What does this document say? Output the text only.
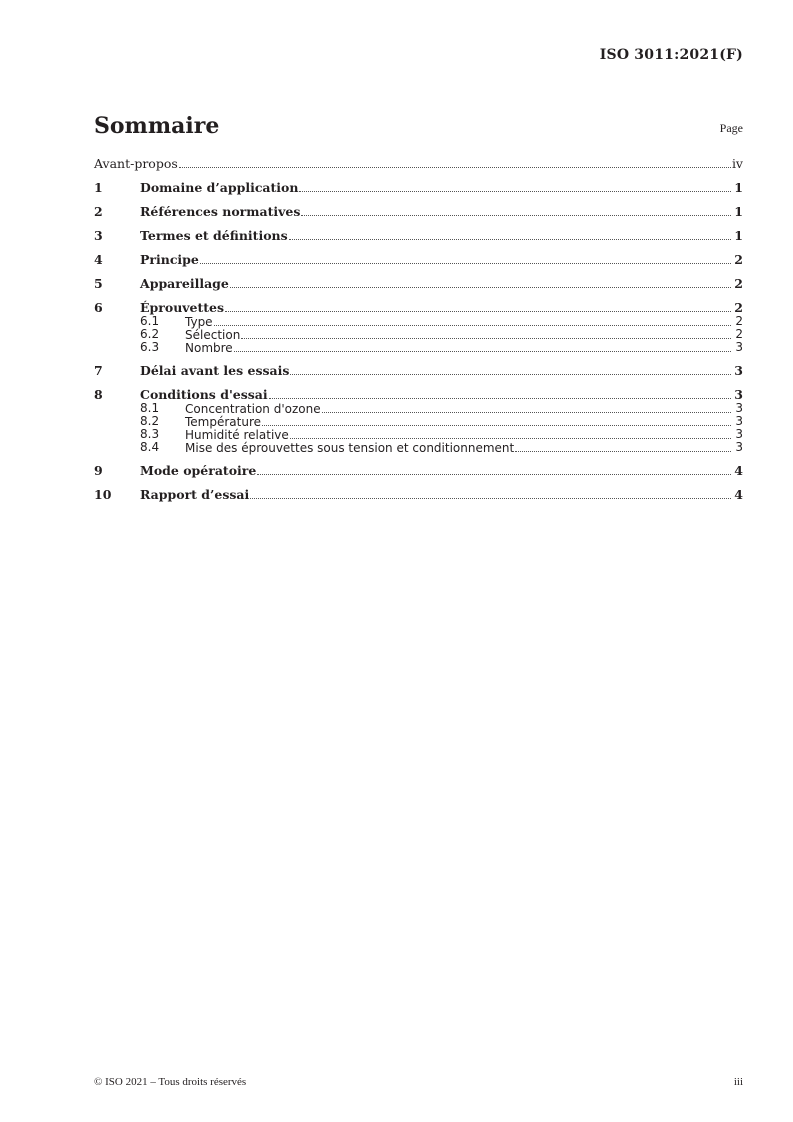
ISO 3011:2021(F)
Sommaire	Page
Avant-propos	iv
1	Domaine d’application	1
2	Références normatives	1
3	Termes et définitions	1
4	Principe	2
5	Appareillage	2
6	Éprouvettes	2
6.1 Type	2
6.2 Sélection	2
6.3 Nombre	3
7	Délai avant les essais	3
8	Conditions d'essai	3
8.1 Concentration d'ozone	3
8.2 Température	3
8.3 Humidité relative	3
8.4 Mise des éprouvettes sous tension et conditionnement	3
9	Mode opératoire	4
10 Rapport d’essai	4
© ISO 2021 – Tous droits réservés	iii
